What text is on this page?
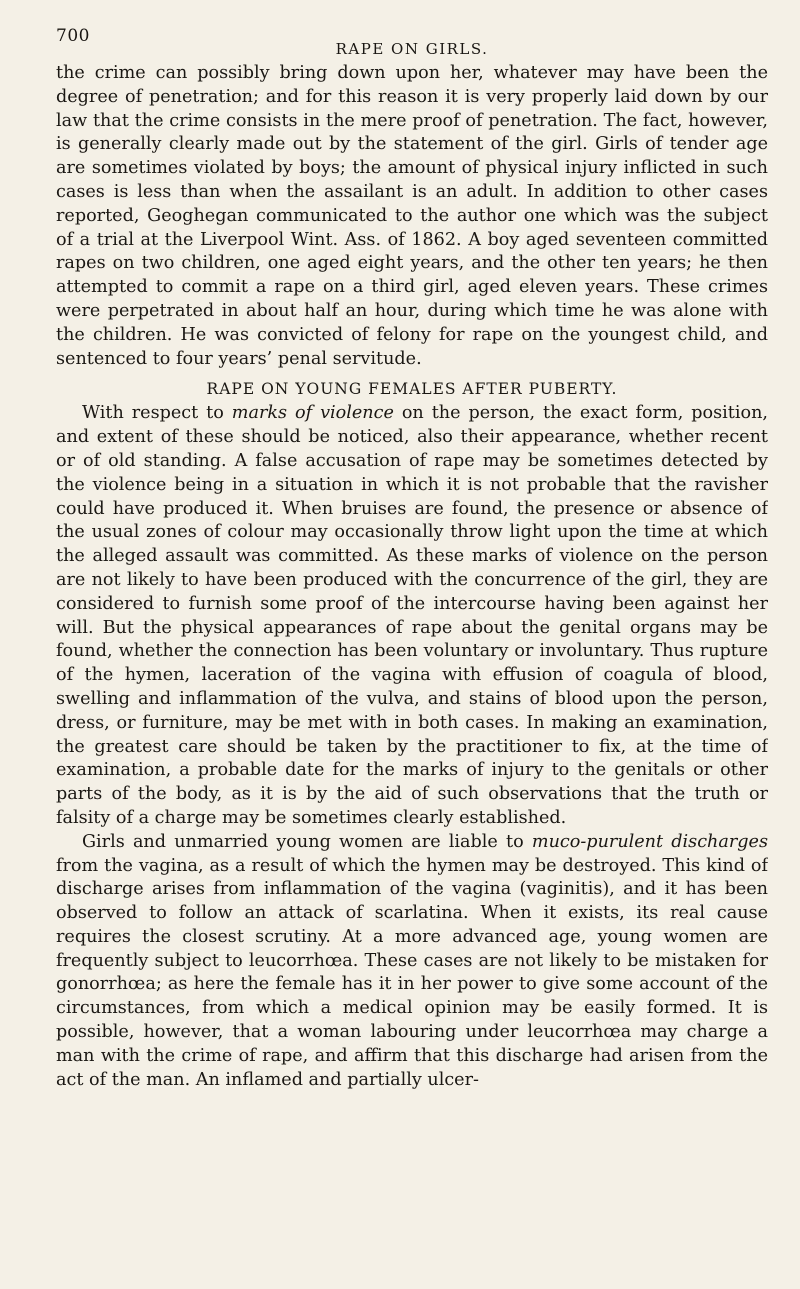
700
RAPE ON GIRLS.

the crime can possibly bring down upon her, whatever may have been the degree of penetration; and for this reason it is very properly laid down by our law that the crime consists in the mere proof of penetration. The fact, however, is generally clearly made out by the statement of the girl. Girls of tender age are sometimes violated by boys; the amount of physical injury inflicted in such cases is less than when the assailant is an adult. In addition to other cases reported, Geoghegan communicated to the author one which was the subject of a trial at the Liverpool Wint. Ass. of 1862. A boy aged seventeen committed rapes on two children, one aged eight years, and the other ten years; he then attempted to commit a rape on a third girl, aged eleven years. These crimes were perpetrated in about half an hour, during which time he was alone with the children. He was convicted of felony for rape on the youngest child, and sentenced to four years’ penal servitude.

RAPE ON YOUNG FEMALES AFTER PUBERTY.

With respect to marks of violence on the person, the exact form, position, and extent of these should be noticed, also their appearance, whether recent or of old standing. A false accusation of rape may be sometimes detected by the violence being in a situation in which it is not probable that the ravisher could have produced it. When bruises are found, the presence or absence of the usual zones of colour may occasionally throw light upon the time at which the alleged assault was committed. As these marks of violence on the person are not likely to have been produced with the concurrence of the girl, they are considered to furnish some proof of the intercourse having been against her will. But the physical appearances of rape about the genital organs may be found, whether the connection has been voluntary or involuntary. Thus rupture of the hymen, laceration of the vagina with effusion of coagula of blood, swelling and inflammation of the vulva, and stains of blood upon the person, dress, or furniture, may be met with in both cases. In making an examination, the greatest care should be taken by the practitioner to fix, at the time of examination, a probable date for the marks of injury to the genitals or other parts of the body, as it is by the aid of such observations that the truth or falsity of a charge may be sometimes clearly established.

Girls and unmarried young women are liable to muco-purulent discharges from the vagina, as a result of which the hymen may be destroyed. This kind of discharge arises from inflammation of the vagina (vaginitis), and it has been observed to follow an attack of scarlatina. When it exists, its real cause requires the closest scrutiny. At a more advanced age, young women are frequently subject to leucorrhœa. These cases are not likely to be mistaken for gonorrhœa; as here the female has it in her power to give some account of the circumstances, from which a medical opinion may be easily formed. It is possible, however, that a woman labouring under leucorrhœa may charge a man with the crime of rape, and affirm that this discharge had arisen from the act of the man. An inflamed and partially ulcer-
